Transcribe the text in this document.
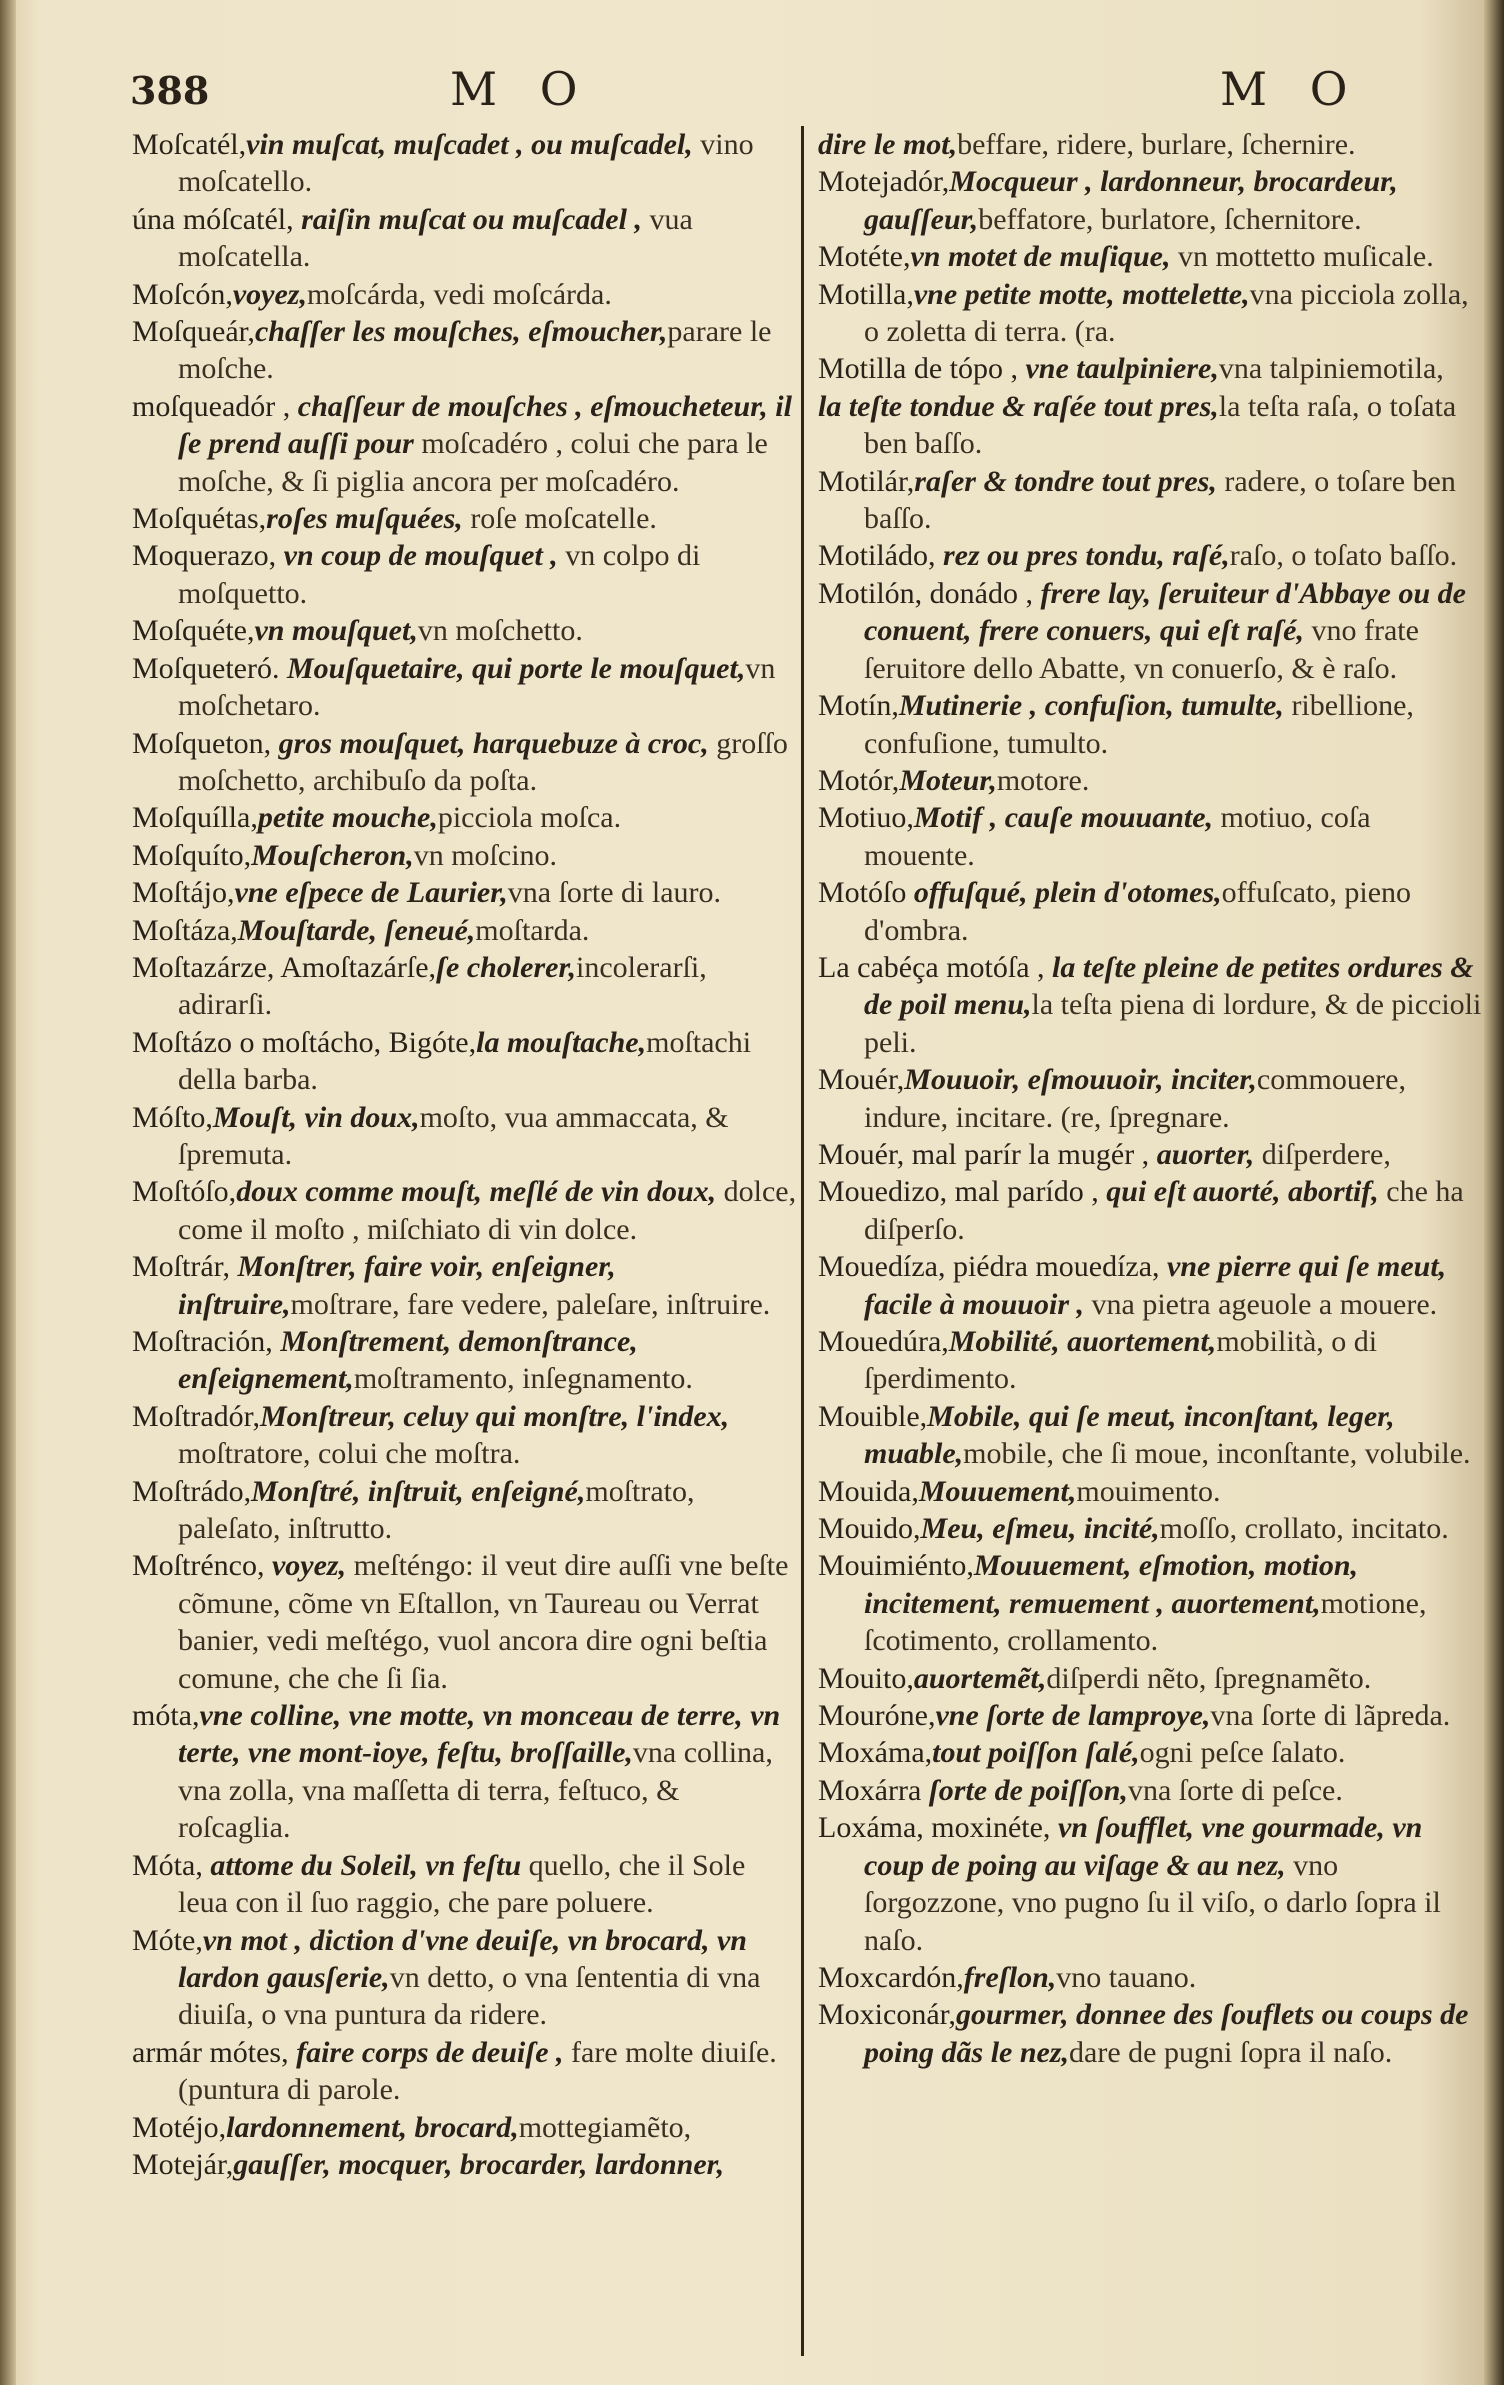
388	M O	M O

Moſcatél,vin muſcat, muſcadet , ou muſcadel, vino moſcatello.

úna móſcatél, raiſin muſcat ou muſcadel , vua moſcatella.

Moſcón,voyez,moſcárda, vedi moſcárda.

Moſqueár,chaſſer les mouſches, eſmoucher,parare le moſche.

moſqueadór , chaſſeur de mouſches , eſmoucheteur, il ſe prend auſſi pour moſcadéro , colui che para le moſche, & ſi piglia ancora per moſcadéro.

Moſquétas,roſes muſquées, roſe moſcatelle.

Moquerazo, vn coup de mouſquet , vn colpo di moſquetto.

Moſquéte,vn mouſquet,vn moſchetto.

Moſqueteró. Mouſquetaire, qui porte le mouſquet,vn moſchetaro.

Moſqueton, gros mouſquet, harquebuze à croc, groſſo moſchetto, archibuſo da poſta.

Moſquílla,petite mouche,picciola moſca.

Moſquíto,Mouſcheron,vn moſcino.

Moſtájo,vne eſpece de Laurier,vna ſorte di lauro.

Moſtáza,Mouſtarde, ſeneué,moſtarda.

Moſtazárze, Amoſtazárſe,ſe cholerer,incolerarſi, adirarſi.

Moſtázo o moſtácho, Bigóte,la mouſtache,moſtachi della barba.

Móſto,Mouſt, vin doux,moſto, vua ammaccata, & ſpremuta.

Moſtóſo,doux comme mouſt, meſlé de vin doux, dolce, come il moſto , miſchiato di vin dolce.

Moſtrár, Monſtrer, faire voir, enſeigner, inſtruire,moſtrare, fare vedere, paleſare, inſtruire.

Moſtración, Monſtrement, demonſtrance, enſeignement,moſtramento, inſegnamento.

Moſtradór,Monſtreur, celuy qui monſtre, l'index, moſtratore, colui che moſtra.

Moſtrádo,Monſtré, inſtruit, enſeigné,moſtrato, paleſato, inſtrutto.

Moſtrénco, voyez, meſténgo: il veut dire auſſi vne beſte cõmune, cõme vn Eſtallon, vn Taureau ou Verrat banier, vedi meſtégo, vuol ancora dire ogni beſtia comune, che che ſi ſia.

móta,vne colline, vne motte, vn monceau de terre, vn terte, vne mont-ioye, feſtu, broſſaille,vna collina, vna zolla, vna maſſetta di terra, feſtuco, & roſcaglia.

Móta, attome du Soleil, vn feſtu quello, che il Sole leua con il ſuo raggio, che pare poluere.

Móte,vn mot , diction d'vne deuiſe, vn brocard, vn lardon gausſerie,vn detto, o vna ſententia di vna diuiſa, o vna puntura da ridere.

armár mótes, faire corps de deuiſe , fare molte diuiſe. (puntura di parole.

Motéjo,lardonnement, brocard,mottegiamẽto,

Motejár,gauſſer, mocquer, brocarder, lardonner,

dire le mot,beffare, ridere, burlare, ſchernire.

Motejadór,Mocqueur , lardonneur, brocardeur, gauſſeur,beffatore, burlatore, ſchernitore.

Motéte,vn motet de muſique, vn mottetto muſicale.

Motilla,vne petite motte, mottelette,vna picciola zolla, o zoletta di terra. (ra.

Motilla de tópo , vne taulpiniere,vna talpiniemotila,

la teſte tondue & raſée tout pres,la teſta raſa, o toſata ben baſſo.

Motilár,raſer & tondre tout pres, radere, o toſare ben baſſo.

Motiládo, rez ou pres tondu, raſé,raſo, o toſato baſſo.

Motilón, donádo , frere lay, ſeruiteur d'Abbaye ou de conuent, frere conuers, qui eſt raſé, vno frate ſeruitore dello Abatte, vn conuerſo, & è raſo.

Motín,Mutinerie , confuſion, tumulte, ribellione, confuſione, tumulto.

Motór,Moteur,motore.

Motiuo,Motif , cauſe mouuante, motiuo, coſa mouente.

Motóſo offuſqué, plein d'otomes,offuſcato, pieno d'ombra.

La cabéça motóſa , la teſte pleine de petites ordures & de poil menu,la teſta piena di lordure, & de piccioli peli.

Mouér,Mouuoir, eſmouuoir, inciter,commouere, indure, incitare. (re, ſpregnare.

Mouér, mal parír la mugér , auorter, diſperdere,

Mouedizo, mal parído , qui eſt auorté, abortif, che ha diſperſo.

Mouedíza, piédra mouedíza, vne pierre qui ſe meut, facile à mouuoir , vna pietra ageuole a mouere.

Mouedúra,Mobilité, auortement,mobilità, o di ſperdimento.

Mouible,Mobile, qui ſe meut, inconſtant, leger, muable,mobile, che ſi moue, inconſtante, volubile.

Mouida,Mouuement,mouimento.

Mouido,Meu, eſmeu, incité,moſſo, crollato, incitato.

Mouimiénto,Mouuement, eſmotion, motion, incitement, remuement , auortement,motione, ſcotimento, crollamento.

Mouito,auortemẽt,diſperdi nẽto, ſpregnamẽto.

Mouróne,vne ſorte de lamproye,vna ſorte di lãpreda.

Moxáma,tout poiſſon ſalé,ogni peſce ſalato.

Moxárra ſorte de poiſſon,vna ſorte di peſce.

Loxáma, moxinéte, vn ſoufflet, vne gourmade, vn coup de poing au viſage & au nez, vno ſorgozzone, vno pugno ſu il viſo, o darlo ſopra il naſo.

Moxcardón,freſlon,vno tauano.

Moxiconár,gourmer, donnee des ſouflets ou coups de poing dãs le nez,dare de pugni ſopra il naſo.
